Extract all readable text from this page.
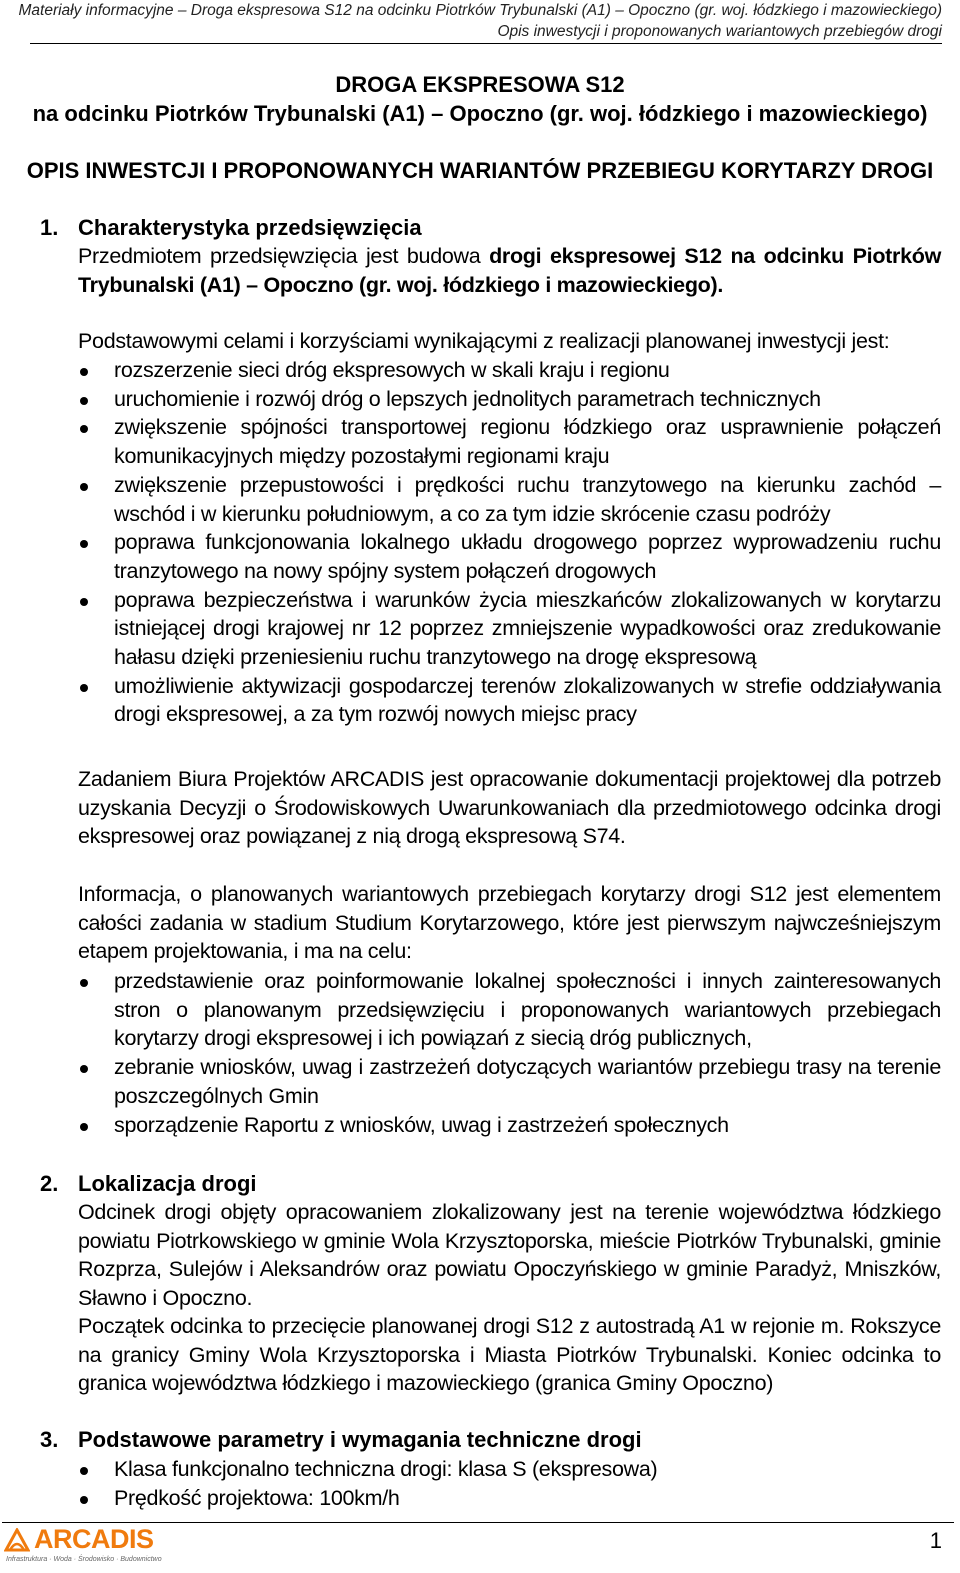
Materiały informacyjne – Droga ekspresowa S12 na odcinku Piotrków Trybunalski (A1) – Opoczno (gr. woj. łódzkiego i mazowieckiego)
Opis inwestycji i proponowanych wariantowych przebiegów drogi
DROGA EKSPRESOWA S12
na odcinku Piotrków Trybunalski (A1) – Opoczno (gr. woj. łódzkiego i mazowieckiego)
OPIS INWESTCJI I PROPONOWANYCH WARIANTÓW PRZEBIEGU KORYTARZY DROGI
1. Charakterystyka przedsięwzięcia
Przedmiotem przedsięwzięcia jest budowa drogi ekspresowej S12 na odcinku Piotrków Trybunalski (A1) – Opoczno (gr. woj. łódzkiego i mazowieckiego).
Podstawowymi celami i korzyściami wynikającymi z realizacji planowanej inwestycji jest:
rozszerzenie sieci dróg ekspresowych w skali kraju i regionu
uruchomienie i rozwój dróg o lepszych jednolitych parametrach technicznych
zwiększenie spójności transportowej regionu łódzkiego oraz usprawnienie połączeń komunikacyjnych między pozostałymi regionami kraju
zwiększenie przepustowości i prędkości ruchu tranzytowego na kierunku zachód – wschód i w kierunku południowym, a co za tym idzie skrócenie czasu podróży
poprawa funkcjonowania lokalnego układu drogowego poprzez wyprowadzeniu ruchu tranzytowego na nowy spójny system połączeń drogowych
poprawa bezpieczeństwa i warunków życia mieszkańców zlokalizowanych w korytarzu istniejącej drogi krajowej nr 12 poprzez zmniejszenie wypadkowości oraz zredukowanie hałasu dzięki przeniesieniu ruchu tranzytowego na drogę ekspresową
umożliwienie aktywizacji gospodarczej terenów zlokalizowanych w strefie oddziaływania drogi ekspresowej, a za tym rozwój nowych miejsc pracy
Zadaniem Biura Projektów ARCADIS jest opracowanie dokumentacji projektowej dla potrzeb uzyskania Decyzji o Środowiskowych Uwarunkowaniach dla przedmiotowego odcinka drogi ekspresowej oraz powiązanej z nią drogą ekspresową S74.
Informacja, o planowanych wariantowych przebiegach korytarzy drogi S12 jest elementem całości zadania w stadium Studium Korytarzowego, które jest pierwszym najwcześniejszym etapem projektowania, i ma na celu:
przedstawienie oraz poinformowanie lokalnej społeczności i innych zainteresowanych stron o planowanym przedsięwzięciu i proponowanych wariantowych przebiegach korytarzy drogi ekspresowej i ich powiązań z siecią dróg publicznych,
zebranie wniosków, uwag i zastrzeżeń dotyczących wariantów przebiegu trasy na terenie poszczególnych Gmin
sporządzenie Raportu z wniosków, uwag i zastrzeżeń społecznych
2. Lokalizacja drogi
Odcinek drogi objęty opracowaniem zlokalizowany jest na terenie województwa łódzkiego powiatu Piotrkowskiego w gminie Wola Krzysztoporska, mieście Piotrków Trybunalski, gminie Rozprza, Sulejów i Aleksandrów oraz powiatu Opoczyńskiego w gminie Paradyż, Mniszków, Sławno i Opoczno.
Początek odcinka to przecięcie planowanej drogi S12 z autostradą A1 w rejonie m. Rokszyce na granicy Gminy Wola Krzysztoporska i Miasta Piotrków Trybunalski. Koniec odcinka to granica województwa łódzkiego i mazowieckiego (granica Gminy Opoczno)
3. Podstawowe parametry i wymagania techniczne drogi
Klasa funkcjonalno techniczna drogi: klasa S (ekspresowa)
Prędkość projektowa: 100km/h
ARCADIS
Infrastruktura · Woda · Środowisko · Budownictwo
1
